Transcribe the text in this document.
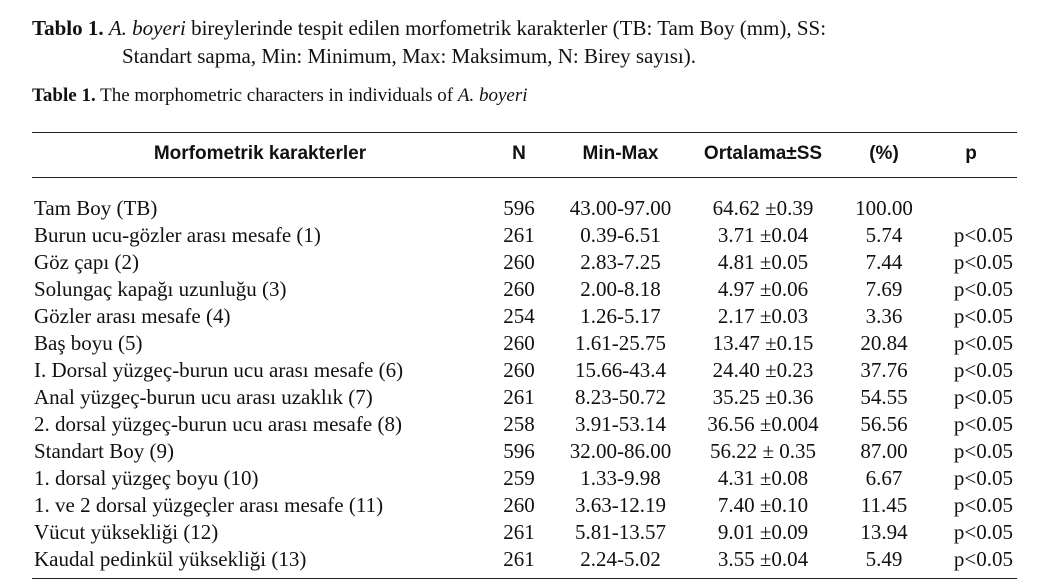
Tablo 1. A. boyeri bireylerinde tespit edilen morfometrik karakterler (TB: Tam Boy (mm), SS:
Standart sapma, Min: Minimum, Max: Maksimum, N: Birey sayısı).
Table 1. The morphometric characters in individuals of A. boyeri
Morfometrik karakterler	N	Min-Max	Ortalama±SS	(%)	p

Tam Boy (TB)	596	43.00-97.00	64.62 ±0.39	100.00	
Burun ucu-gözler arası mesafe (1)	261	0.39-6.51	3.71 ±0.04	5.74	p<0.05
Göz çapı (2)	260	2.83-7.25	4.81 ±0.05	7.44	p<0.05
Solungaç kapağı uzunluğu (3)	260	2.00-8.18	4.97 ±0.06	7.69	p<0.05
Gözler arası mesafe (4)	254	1.26-5.17	2.17 ±0.03	3.36	p<0.05
Baş boyu (5)	260	1.61-25.75	13.47 ±0.15	20.84	p<0.05
I. Dorsal yüzgeç-burun ucu arası mesafe (6)	260	15.66-43.4	24.40 ±0.23	37.76	p<0.05
Anal yüzgeç-burun ucu arası uzaklık (7)	261	8.23-50.72	35.25 ±0.36	54.55	p<0.05
2. dorsal yüzgeç-burun ucu arası mesafe (8)	258	3.91-53.14	36.56 ±0.004	56.56	p<0.05
Standart Boy (9)	596	32.00-86.00	56.22 ± 0.35	87.00	p<0.05
1. dorsal yüzgeç boyu (10)	259	1.33-9.98	4.31 ±0.08	6.67	p<0.05
1. ve 2 dorsal yüzgeçler arası mesafe (11)	260	3.63-12.19	7.40 ±0.10	11.45	p<0.05
Vücut yüksekliği (12)	261	5.81-13.57	9.01 ±0.09	13.94	p<0.05
Kaudal pedinkül yüksekliği (13)	261	2.24-5.02	3.55 ±0.04	5.49	p<0.05
